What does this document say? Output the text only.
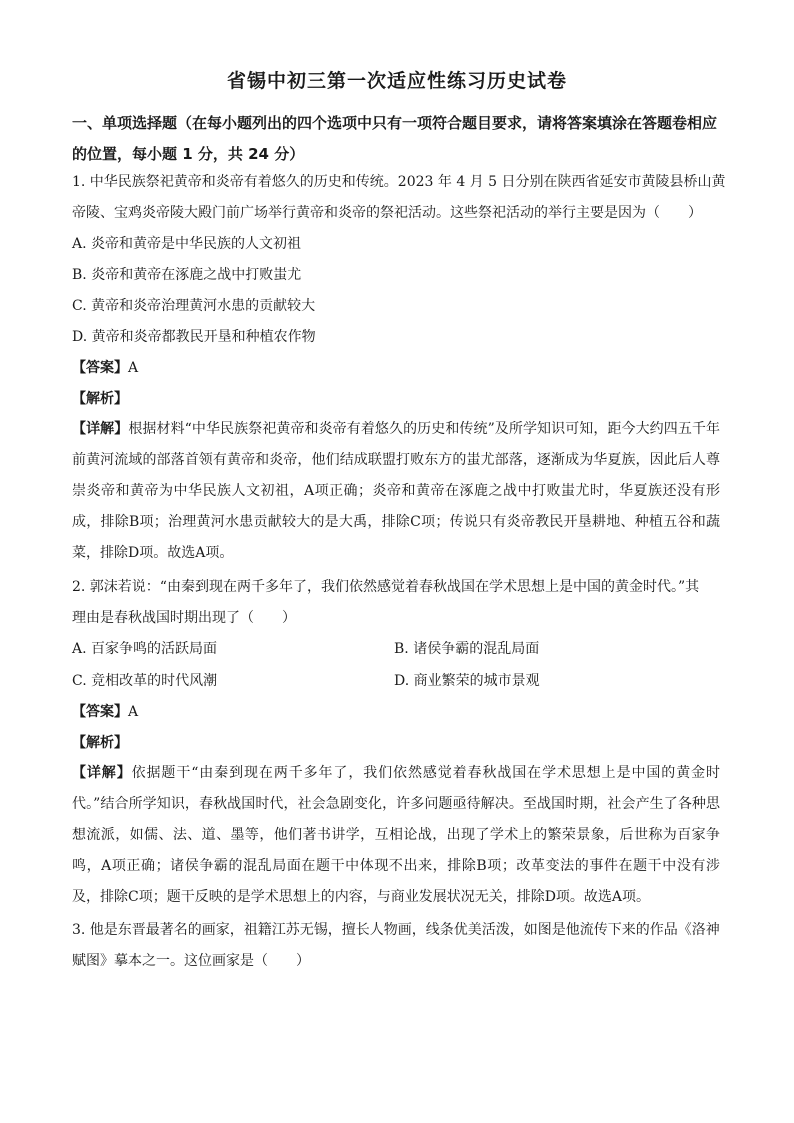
省锡中初三第一次适应性练习历史试卷
一、单项选择题（在每小题列出的四个选项中只有一项符合题目要求，请将答案填涂在答题卷相应的位置，每小题 1 分，共 24 分）
1. 中华民族祭祀黄帝和炎帝有着悠久的历史和传统。2023 年 4 月 5 日分别在陕西省延安市黄陵县桥山黄
帝陵、宝鸡炎帝陵大殿门前广场举行黄帝和炎帝的祭祀活动。这些祭祀活动的举行主要是因为（　　）
A. 炎帝和黄帝是中华民族的人文初祖
B. 炎帝和黄帝在涿鹿之战中打败蚩尤
C. 黄帝和炎帝治理黄河水患的贡献较大
D. 黄帝和炎帝都教民开垦和种植农作物
【答案】A
【解析】
【详解】根据材料“中华民族祭祀黄帝和炎帝有着悠久的历史和传统”及所学知识可知，距今大约四五千年前黄河流域的部落首领有黄帝和炎帝，他们结成联盟打败东方的蚩尤部落，逐渐成为华夏族，因此后人尊崇炎帝和黄帝为中华民族人文初祖，A项正确；炎帝和黄帝在涿鹿之战中打败蚩尤时，华夏族还没有形成，排除B项；治理黄河水患贡献较大的是大禹，排除C项；传说只有炎帝教民开垦耕地、种植五谷和蔬菜，排除D项。故选A项。
2. 郭沫若说：“由秦到现在两千多年了，我们依然感觉着春秋战国在学术思想上是中国的黄金时代。”其
理由是春秋战国时期出现了（　　）
A. 百家争鸣的活跃局面	B. 诸侯争霸的混乱局面
C. 竞相改革的时代风潮	D. 商业繁荣的城市景观
【答案】A
【解析】
【详解】依据题干“由秦到现在两千多年了，我们依然感觉着春秋战国在学术思想上是中国的黄金时代。”结合所学知识，春秋战国时代，社会急剧变化，许多问题亟待解决。至战国时期，社会产生了各种思想流派，如儒、法、道、墨等，他们著书讲学，互相论战，出现了学术上的繁荣景象，后世称为百家争鸣，A项正确；诸侯争霸的混乱局面在题干中体现不出来，排除B项；改革变法的事件在题干中没有涉及，排除C项；题干反映的是学术思想上的内容，与商业发展状况无关，排除D项。故选A项。
3. 他是东晋最著名的画家，祖籍江苏无锡，擅长人物画，线条优美活泼，如图是他流传下来的作品《洛神
赋图》摹本之一。这位画家是（　　）
